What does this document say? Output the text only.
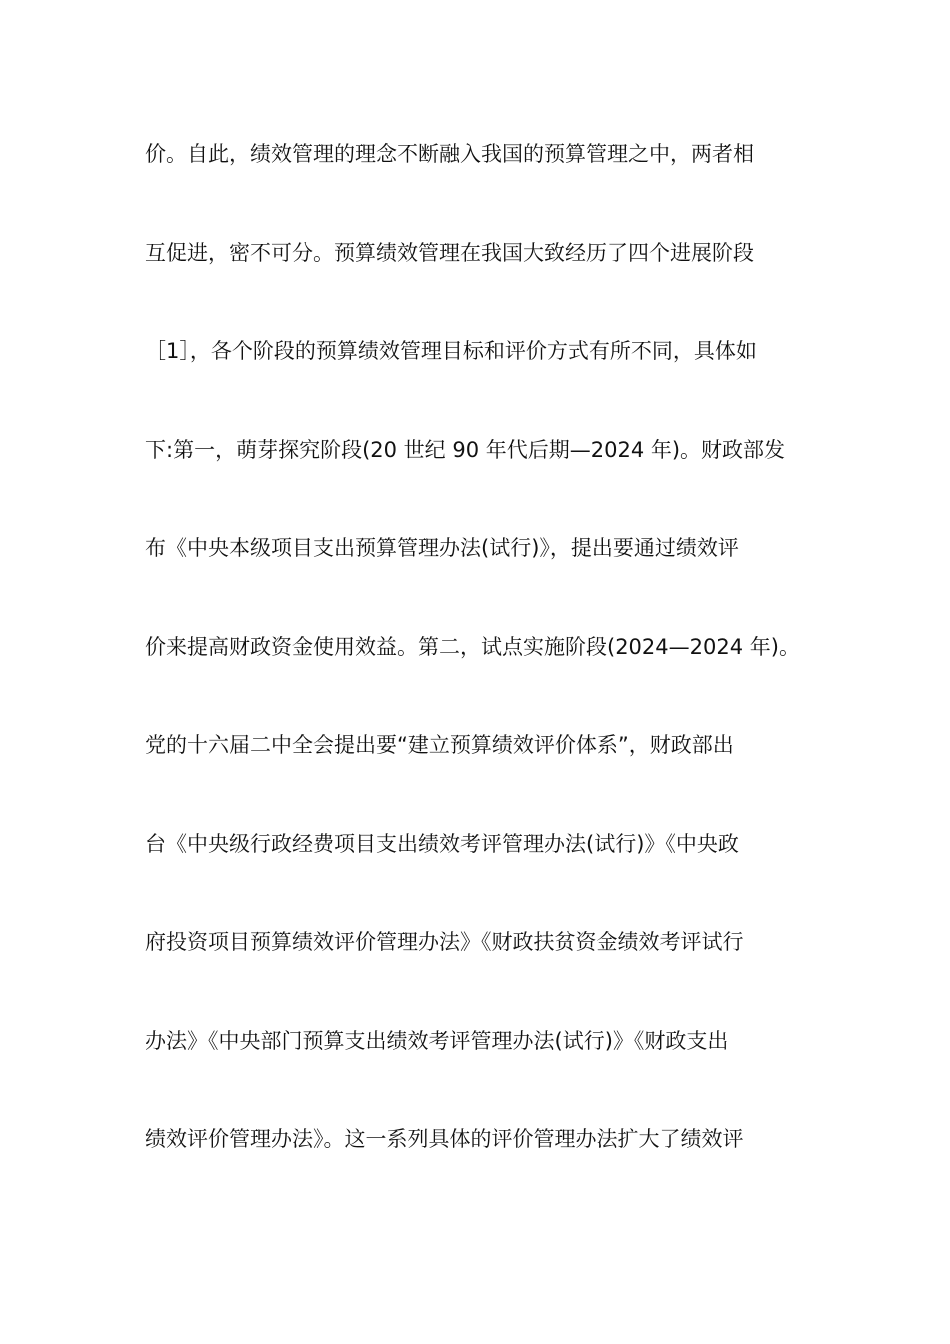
价。自此，绩效管理的理念不断融入我国的预算管理之中，两者相
互促进，密不可分。预算绩效管理在我国大致经历了四个进展阶段
［1］，各个阶段的预算绩效管理目标和评价方式有所不同，具体如
下:第一，萌芽探究阶段(20 世纪 90 年代后期—2024 年)。财政部发
布《中央本级项目支出预算管理办法(试行)》，提出要通过绩效评
价来提高财政资金使用效益。第二，试点实施阶段(2024—2024 年)。
党的十六届二中全会提出要“建立预算绩效评价体系”，财政部出
台《中央级行政经费项目支出绩效考评管理办法(试行)》《中央政
府投资项目预算绩效评价管理办法》《财政扶贫资金绩效考评试行
办法》《中央部门预算支出绩效考评管理办法(试行)》《财政支出
绩效评价管理办法》。这一系列具体的评价管理办法扩大了绩效评
